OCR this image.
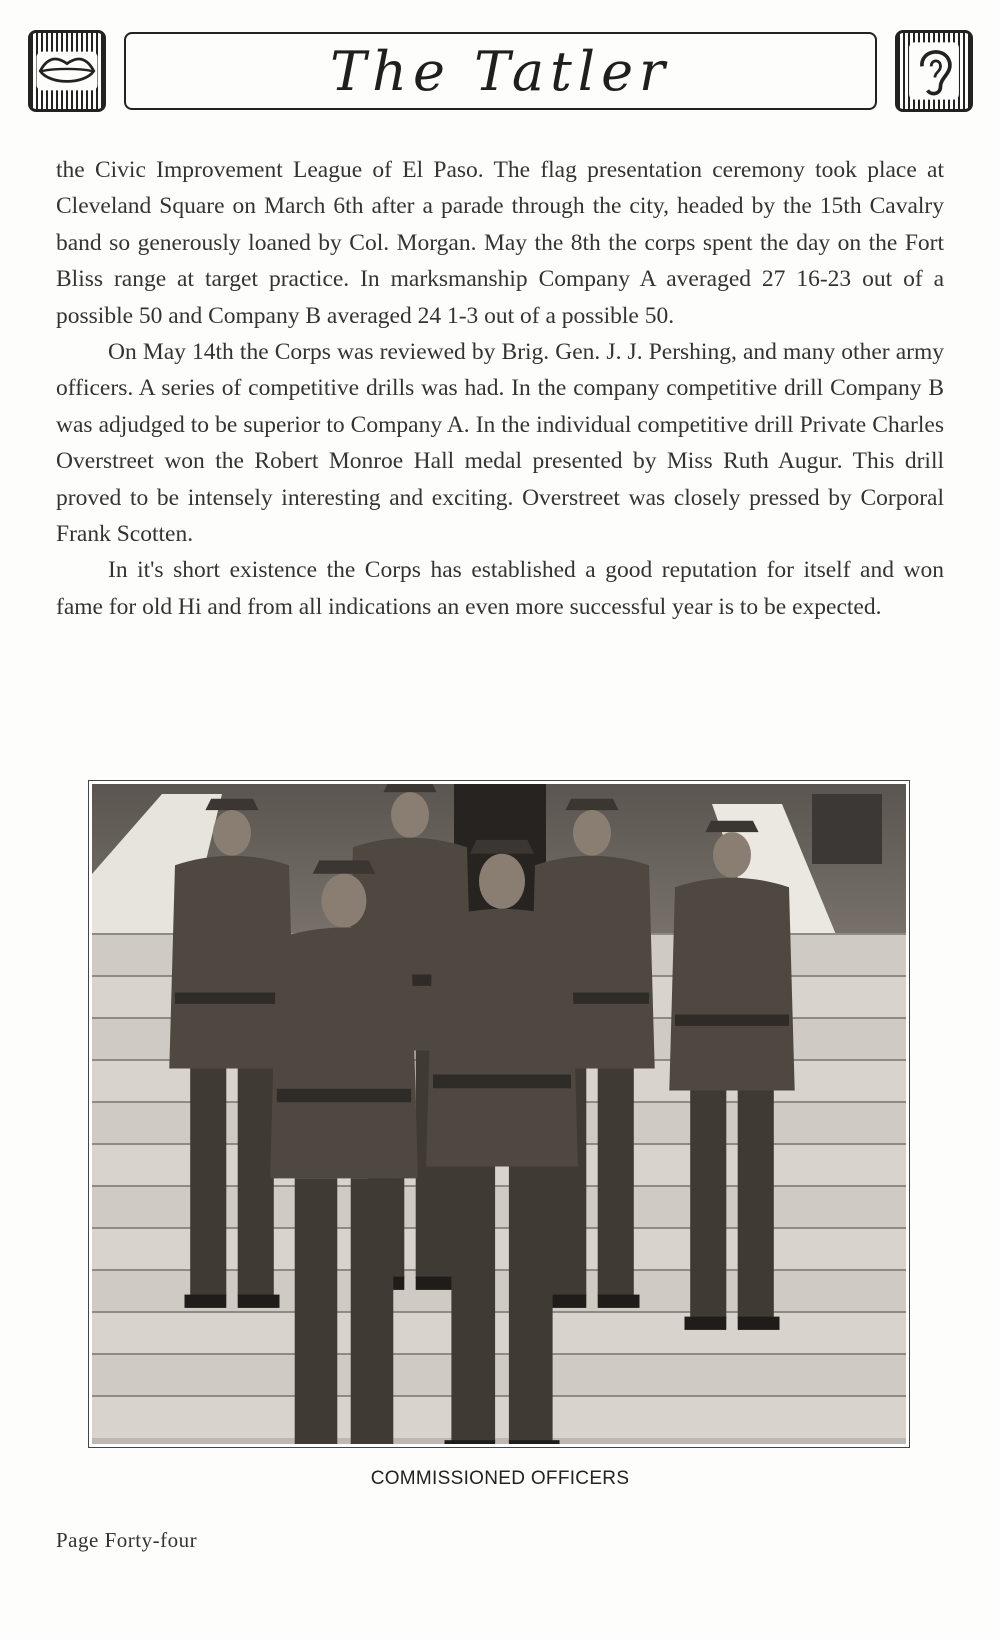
The Tatler

the Civic Improvement League of El Paso. The flag presentation ceremony took place at Cleveland Square on March 6th after a parade through the city, headed by the 15th Cavalry band so generously loaned by Col. Morgan. May the 8th the corps spent the day on the Fort Bliss range at target practice. In marksmanship Company A averaged 27 16-23 out of a possible 50 and Company B averaged 24 1-3 out of a possible 50.

On May 14th the Corps was reviewed by Brig. Gen. J. J. Pershing, and many other army officers. A series of competitive drills was had. In the company competitive drill Company B was adjudged to be superior to Company A. In the individual competitive drill Private Charles Overstreet won the Robert Monroe Hall medal presented by Miss Ruth Augur. This drill proved to be intensely interesting and exciting. Overstreet was closely pressed by Corporal Frank Scotten.

In it's short existence the Corps has established a good reputation for itself and won fame for old Hi and from all indications an even more successful year is to be expected.

COMMISSIONED OFFICERS
Page Forty-four
